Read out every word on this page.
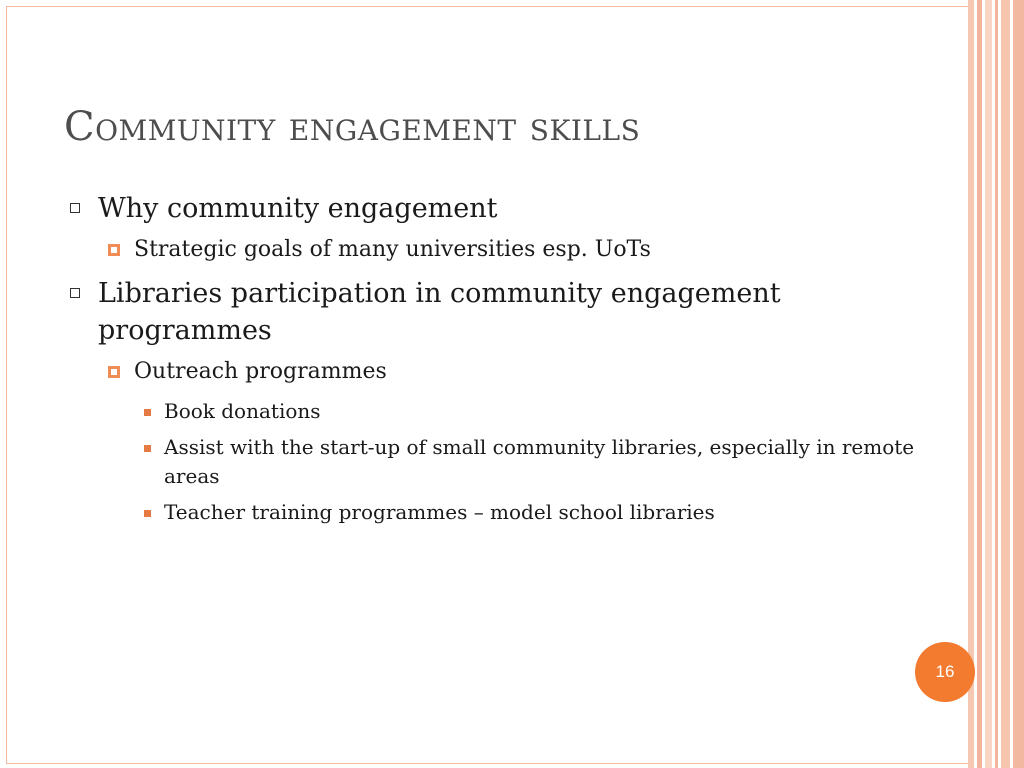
Community engagement skills
Why community engagement
Strategic goals of many universities esp. UoTs
Libraries participation in community engagement programmes
Outreach programmes
Book donations
Assist with the start-up of small community libraries, especially in remote areas
Teacher training programmes – model school libraries
16
